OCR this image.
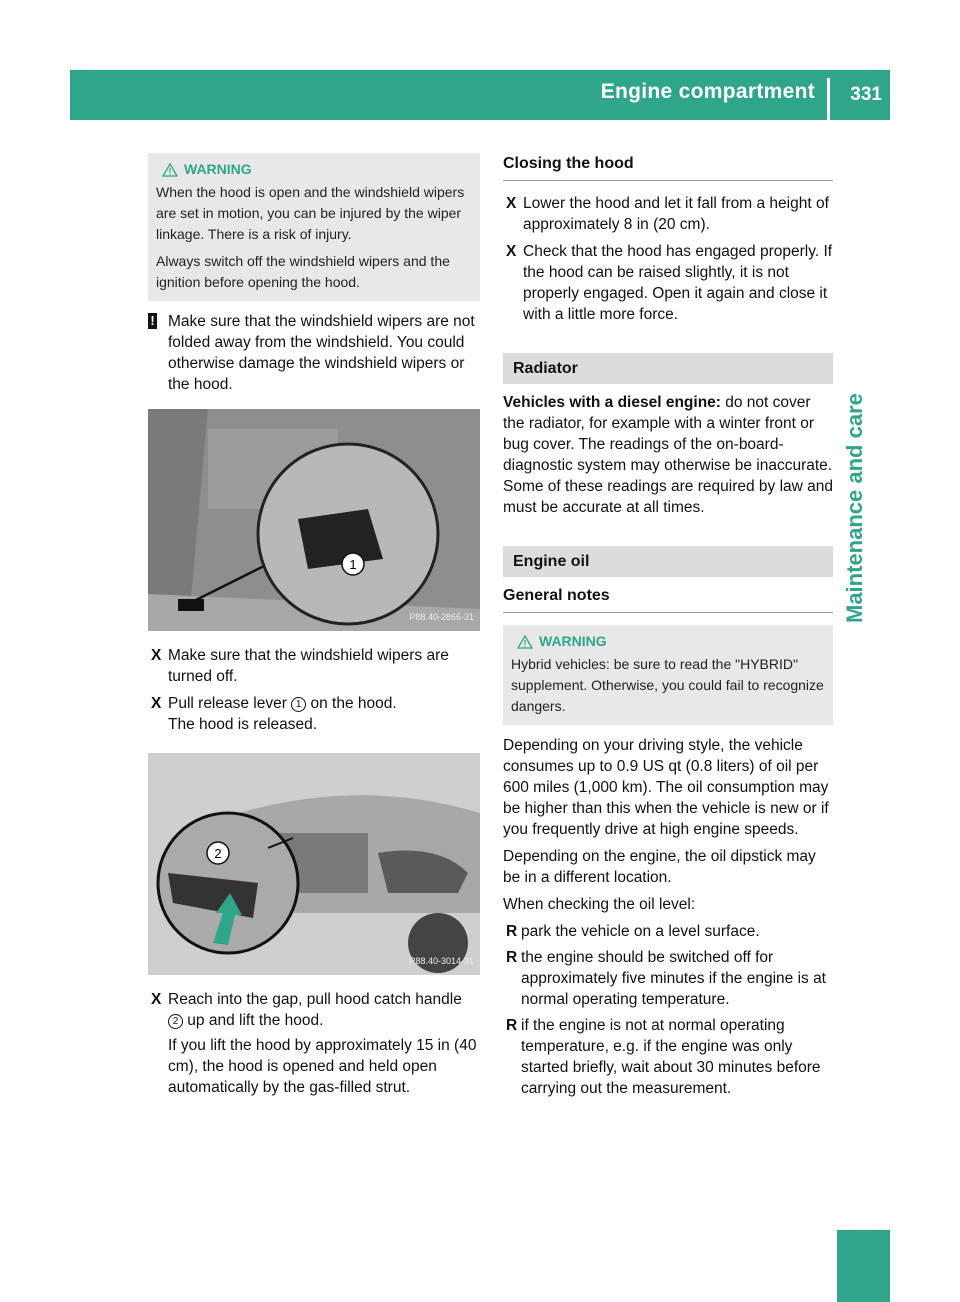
Engine compartment 331
Maintenance and care
WARNING

When the hood is open and the windshield wipers are set in motion, you can be injured by the wiper linkage. There is a risk of injury.

Always switch off the windshield wipers and the ignition before opening the hood.

! Make sure that the windshield wipers are not folded away from the windshield. You could otherwise damage the windshield wipers or the hood.
1
P88.40-2866-31
X Make sure that the windshield wipers are turned off.
X Pull release lever 1 on the hood.
The hood is released.
2
P88.40-3014-31
X Reach into the gap, pull hood catch handle 2 up and lift the hood.
If you lift the hood by approximately 15 in (40 cm), the hood is opened and held open automatically by the gas-filled strut.
Closing the hood
X Lower the hood and let it fall from a height of approximately 8 in (20 cm).
X Check that the hood has engaged properly. If the hood can be raised slightly, it is not properly engaged. Open it again and close it with a little more force.
Radiator

Vehicles with a diesel engine: do not cover the radiator, for example with a winter front or bug cover. The readings of the on-board-diagnostic system may otherwise be inaccurate. Some of these readings are required by law and must be accurate at all times.

Engine oil
General notes
WARNING

Hybrid vehicles: be sure to read the "HYBRID" supplement. Otherwise, you could fail to recognize dangers.

Depending on your driving style, the vehicle consumes up to 0.9 US qt (0.8 liters) of oil per 600 miles (1,000 km). The oil consumption may be higher than this when the vehicle is new or if you frequently drive at high engine speeds.

Depending on the engine, the oil dipstick may be in a different location.

When checking the oil level:

R park the vehicle on a level surface.
R the engine should be switched off for approximately five minutes if the engine is at normal operating temperature.
R if the engine is not at normal operating temperature, e.g. if the engine was only started briefly, wait about 30 minutes before carrying out the measurement.
